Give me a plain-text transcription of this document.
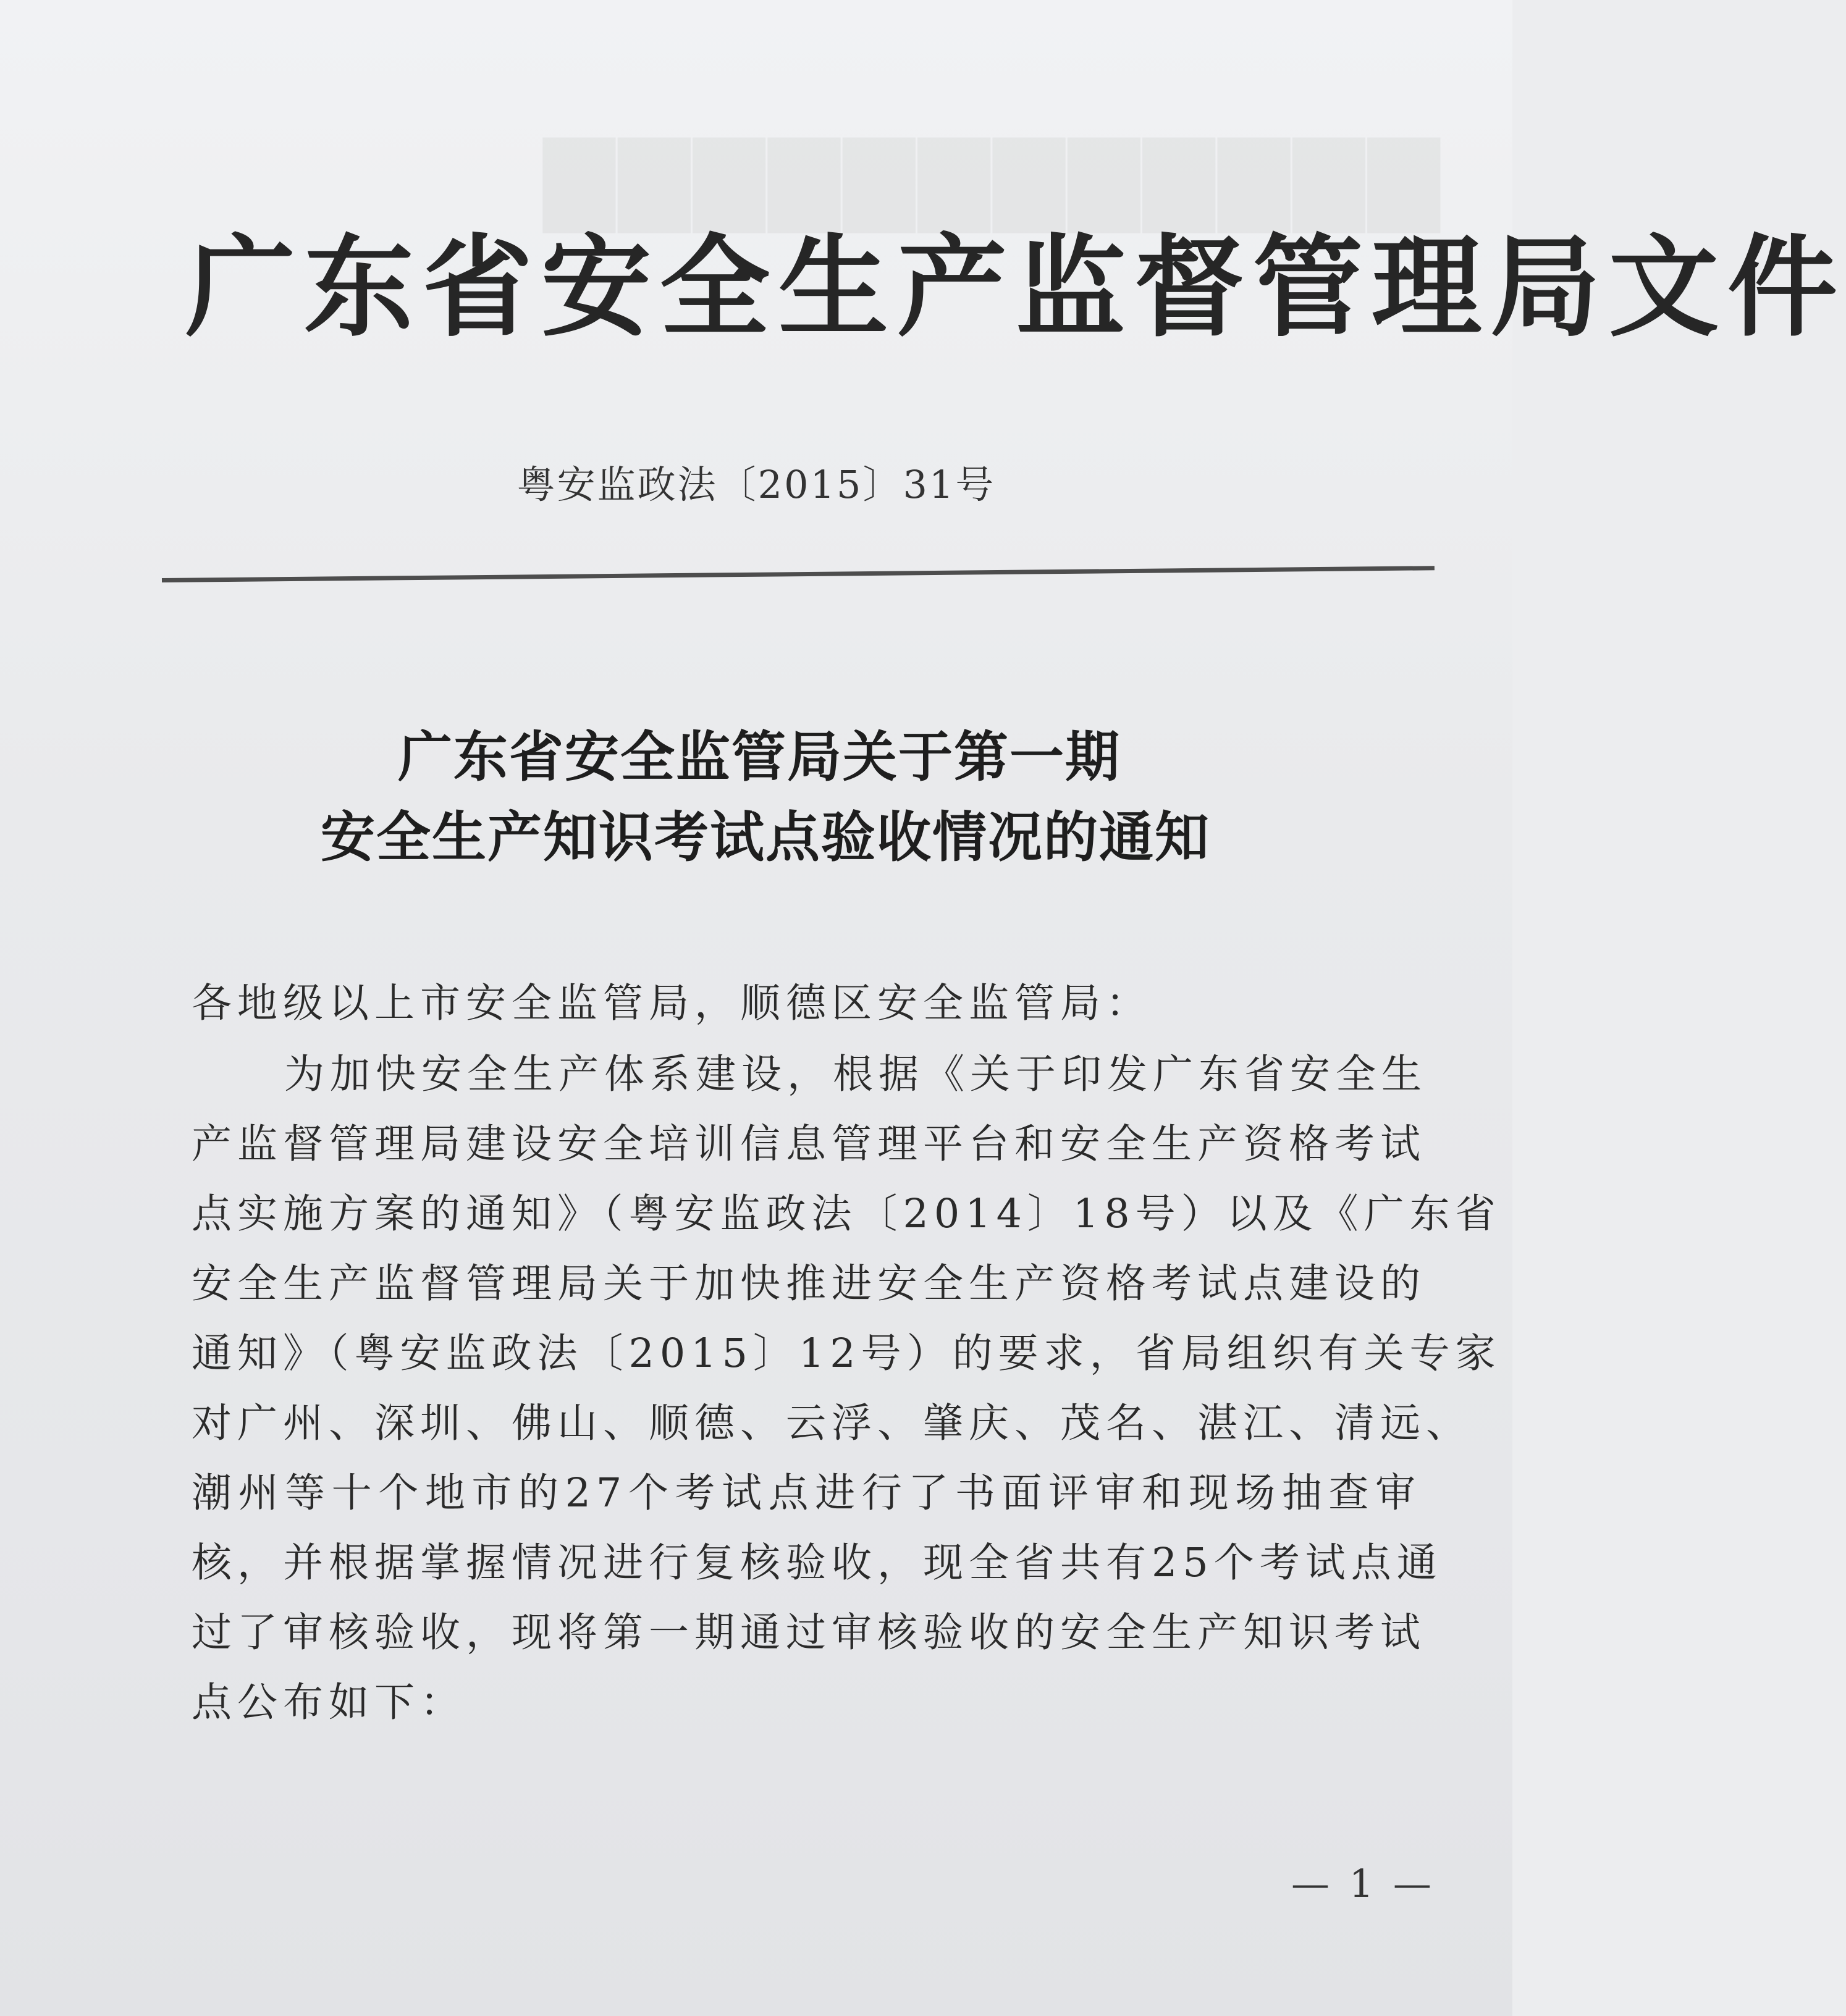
▇▇▇▇▇▇▇▇▇▇▇▇
广东省安全生产监督管理局文件
粤安监政法〔2015〕31号
广东省安全监管局关于第一期
安全生产知识考试点验收情况的通知
各地级以上市安全监管局，顺德区安全监管局：
为加快安全生产体系建设，根据《关于印发广东省安全生
产监督管理局建设安全培训信息管理平台和安全生产资格考试
点实施方案的通知》（粤安监政法〔2014〕18号）以及《广东省
安全生产监督管理局关于加快推进安全生产资格考试点建设的
通知》（粤安监政法〔2015〕12号）的要求，省局组织有关专家
对广州、深圳、佛山、顺德、云浮、肇庆、茂名、湛江、清远、
潮州等十个地市的27个考试点进行了书面评审和现场抽查审
核，并根据掌握情况进行复核验收，现全省共有25个考试点通
过了审核验收，现将第一期通过审核验收的安全生产知识考试
点公布如下：
— 1 —
